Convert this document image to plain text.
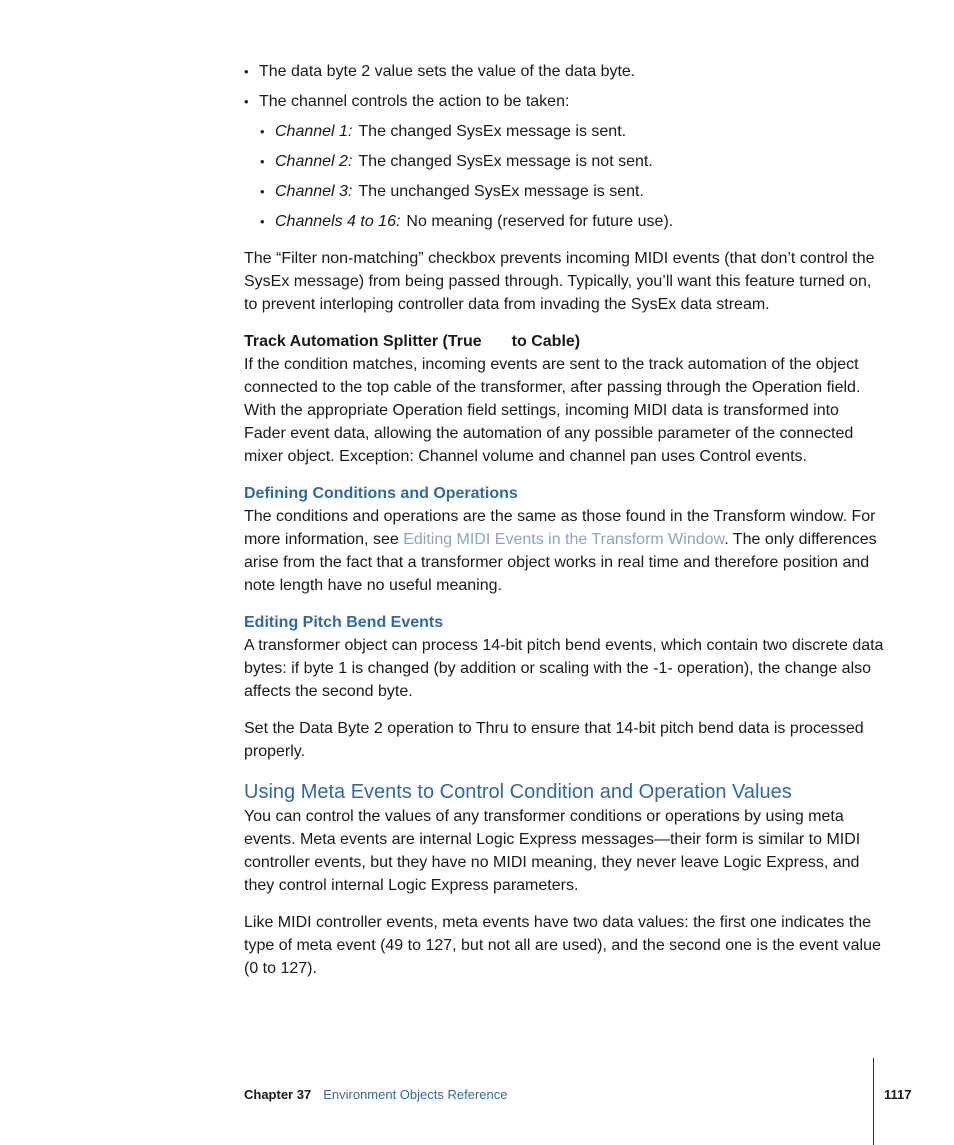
• The data byte 2 value sets the value of the data byte.
• The channel controls the action to be taken:
• Channel 1: The changed SysEx message is sent.
• Channel 2: The changed SysEx message is not sent.
• Channel 3: The unchanged SysEx message is sent.
• Channels 4 to 16: No meaning (reserved for future use).

The “Filter non-matching” checkbox prevents incoming MIDI events (that don’t control the SysEx message) from being passed through. Typically, you’ll want this feature turned on, to prevent interloping controller data from invading the SysEx data stream.

Track Automation Splitter (True to Cable)

If the condition matches, incoming events are sent to the track automation of the object connected to the top cable of the transformer, after passing through the Operation field. With the appropriate Operation field settings, incoming MIDI data is transformed into Fader event data, allowing the automation of any possible parameter of the connected mixer object. Exception: Channel volume and channel pan uses Control events.

Defining Conditions and Operations

The conditions and operations are the same as those found in the Transform window. For more information, see Editing MIDI Events in the Transform Window. The only differences arise from the fact that a transformer object works in real time and therefore position and note length have no useful meaning.

Editing Pitch Bend Events

A transformer object can process 14-bit pitch bend events, which contain two discrete data bytes: if byte 1 is changed (by addition or scaling with the -1- operation), the change also affects the second byte.

Set the Data Byte 2 operation to Thru to ensure that 14-bit pitch bend data is processed properly.

Using Meta Events to Control Condition and Operation Values

You can control the values of any transformer conditions or operations by using meta events. Meta events are internal Logic Express messages—their form is similar to MIDI controller events, but they have no MIDI meaning, they never leave Logic Express, and they control internal Logic Express parameters.

Like MIDI controller events, meta events have two data values: the first one indicates the type of meta event (49 to 127, but not all are used), and the second one is the event value (0 to 127).

Chapter 37 Environment Objects Reference	1117
